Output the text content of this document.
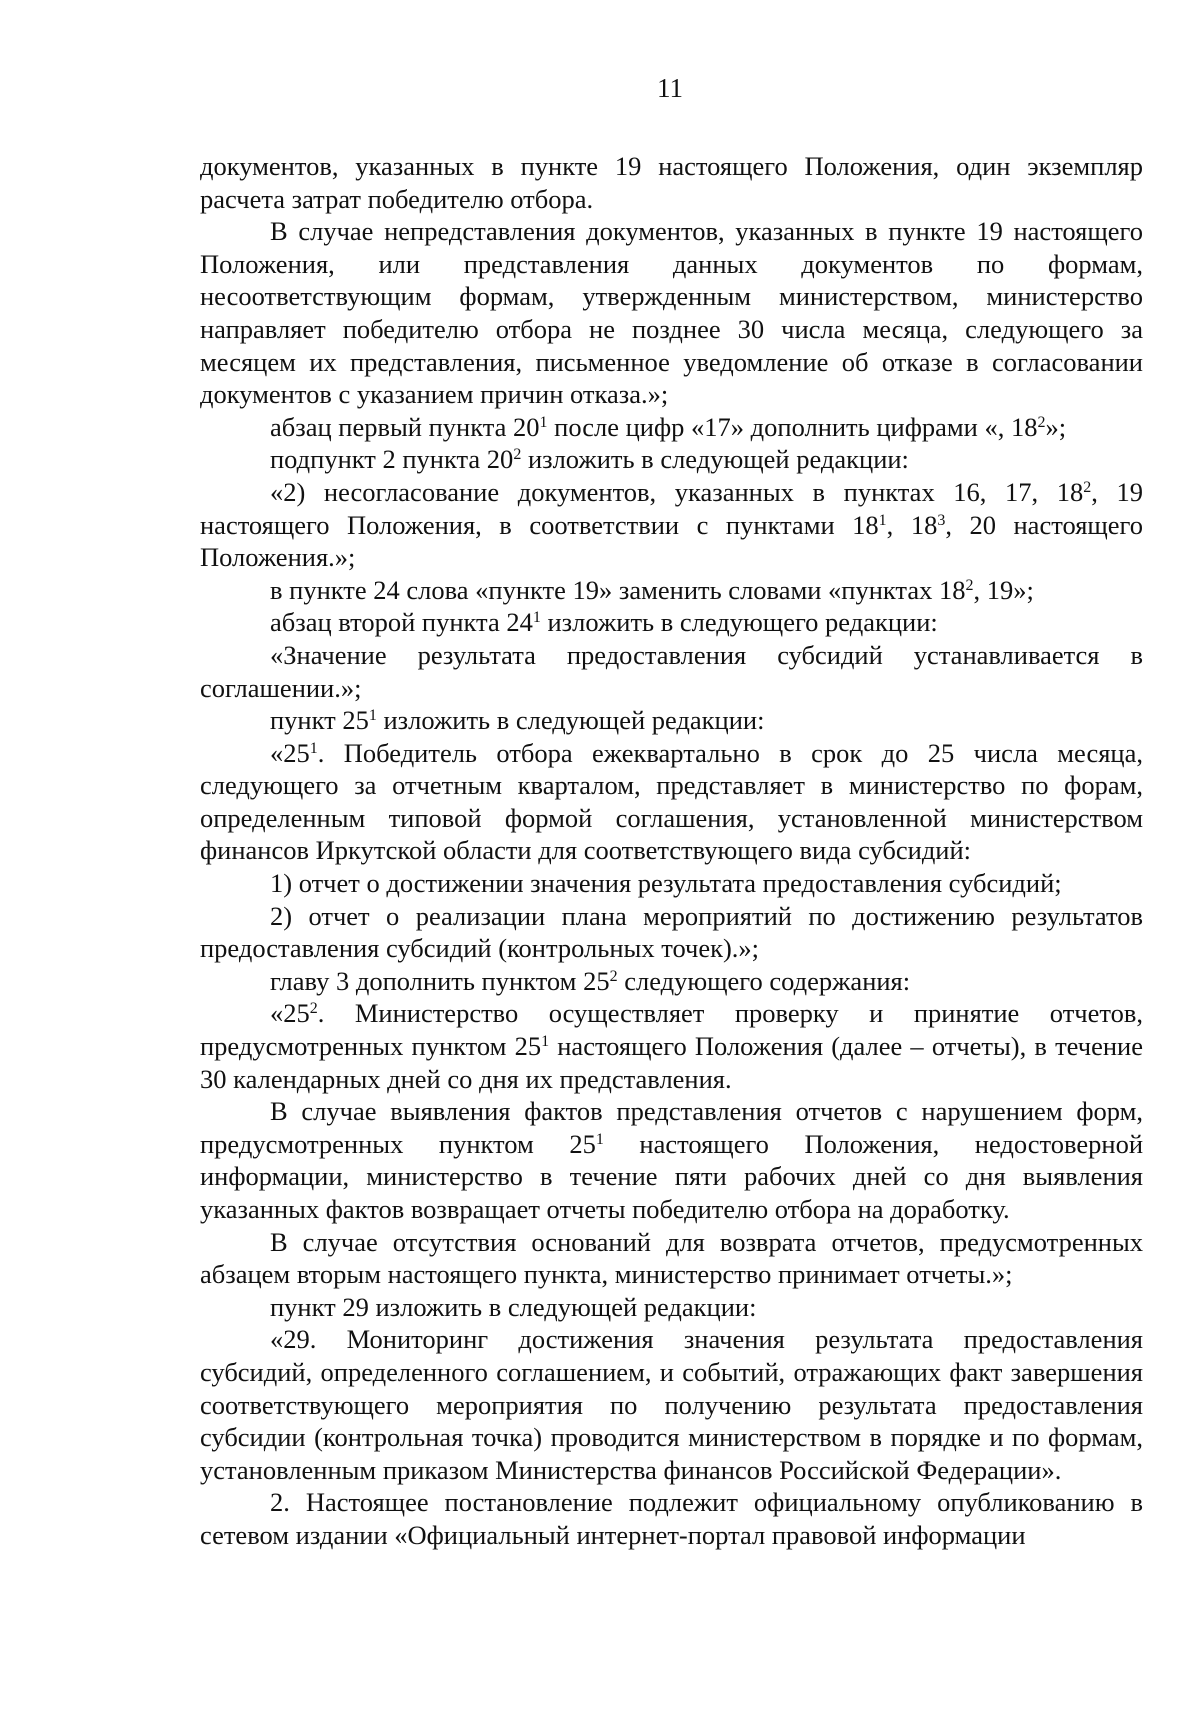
11

документов, указанных в пункте 19 настоящего Положения, один экземпляр расчета затрат победителю отбора.

В случае непредставления документов, указанных в пункте 19 настоящего Положения, или представления данных документов по формам, несоответствующим формам, утвержденным министерством, министерство направляет победителю отбора не позднее 30 числа месяца, следующего за месяцем их представления, письменное уведомление об отказе в согласовании документов с указанием причин отказа.»;

абзац первый пункта $20^1$ после цифр «17» дополнить цифрами «, $18^2$»;

подпункт 2 пункта $20^2$ изложить в следующей редакции:

«2) несогласование документов, указанных в пунктах 16, 17, $18^2$, 19 настоящего Положения, в соответствии с пунктами $18^1$, $18^3$, 20 настоящего Положения.»;

в пункте 24 слова «пункте 19» заменить словами «пунктах $18^2$, 19»;

абзац второй пункта $24^1$ изложить в следующего редакции:

«Значение результата предоставления субсидий устанавливается в соглашении.»;

пункт $25^1$ изложить в следующей редакции:

«$25^1$. Победитель отбора ежеквартально в срок до 25 числа месяца, следующего за отчетным кварталом, представляет в министерство по форам, определенным типовой формой соглашения, установленной министерством финансов Иркутской области для соответствующего вида субсидий:

1) отчет о достижении значения результата предоставления субсидий;

2) отчет о реализации плана мероприятий по достижению результатов предоставления субсидий (контрольных точек).»;

главу 3 дополнить пунктом $25^2$ следующего содержания:

«$25^2$. Министерство осуществляет проверку и принятие отчетов, предусмотренных пунктом $25^1$ настоящего Положения (далее – отчеты), в течение 30 календарных дней со дня их представления.

В случае выявления фактов представления отчетов с нарушением форм, предусмотренных пунктом $25^1$ настоящего Положения, недостоверной информации, министерство в течение пяти рабочих дней со дня выявления указанных фактов возвращает отчеты победителю отбора на доработку.

В случае отсутствия оснований для возврата отчетов, предусмотренных абзацем вторым настоящего пункта, министерство принимает отчеты.»;

пункт 29 изложить в следующей редакции:

«29. Мониторинг достижения значения результата предоставления субсидий, определенного соглашением, и событий, отражающих факт завершения соответствующего мероприятия по получению результата предоставления субсидии (контрольная точка) проводится министерством в порядке и по формам, установленным приказом Министерства финансов Российской Федерации».

2. Настоящее постановление подлежит официальному опубликованию в сетевом издании «Официальный интернет-портал правовой информации
